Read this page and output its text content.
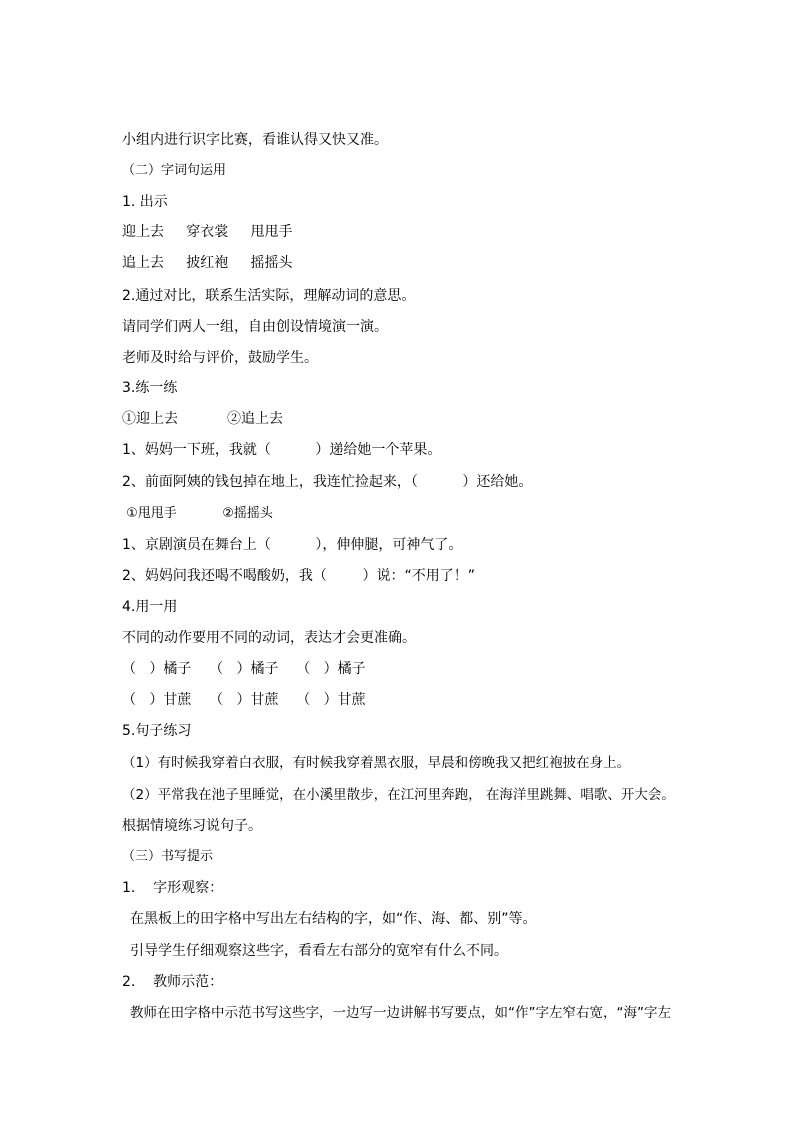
小组内进行识字比赛，看谁认得又快又准。
（二）字词句运用
1. 出示
迎上去     穿衣裳     甩甩手
追上去     披红袍     摇摇头
2.通过对比，联系生活实际，理解动词的意思。
请同学们两人一组，自由创设情境演一演。
老师及时给与评价，鼓励学生。
3.练一练
①迎上去           ②追上去
1、妈妈一下班，我就（          ）递给她一个苹果。
2、前面阿姨的钱包掉在地上，我连忙捡起来，（          ）还给她。
①甩甩手           ②摇摇头
1、京剧演员在舞台上（          ），伸伸腿，可神气了。
2、妈妈问我还喝不喝酸奶，我（        ）说：“不用了！”
4.用一用
不同的动作要用不同的动词，表达才会更准确。
（   ）橘子    （   ）橘子    （   ）橘子
（   ）甘蔗    （   ）甘蔗    （   ）甘蔗
5.句子练习
（1）有时候我穿着白衣服，有时候我穿着黑衣服，早晨和傍晚我又把红袍披在身上。
（2）平常我在池子里睡觉，在小溪里散步，在江河里奔跑， 在海洋里跳舞、唱歌、开大会。
根据情境练习说句子。
（三）书写提示
1.    字形观察：
在黑板上的田字格中写出左右结构的字，如“作、海、都、别”等。
引导学生仔细观察这些字，看看左右部分的宽窄有什么不同。
2.    教师示范：
教师在田字格中示范书写这些字，一边写一边讲解书写要点，如“作”字左窄右宽，“海”字左
